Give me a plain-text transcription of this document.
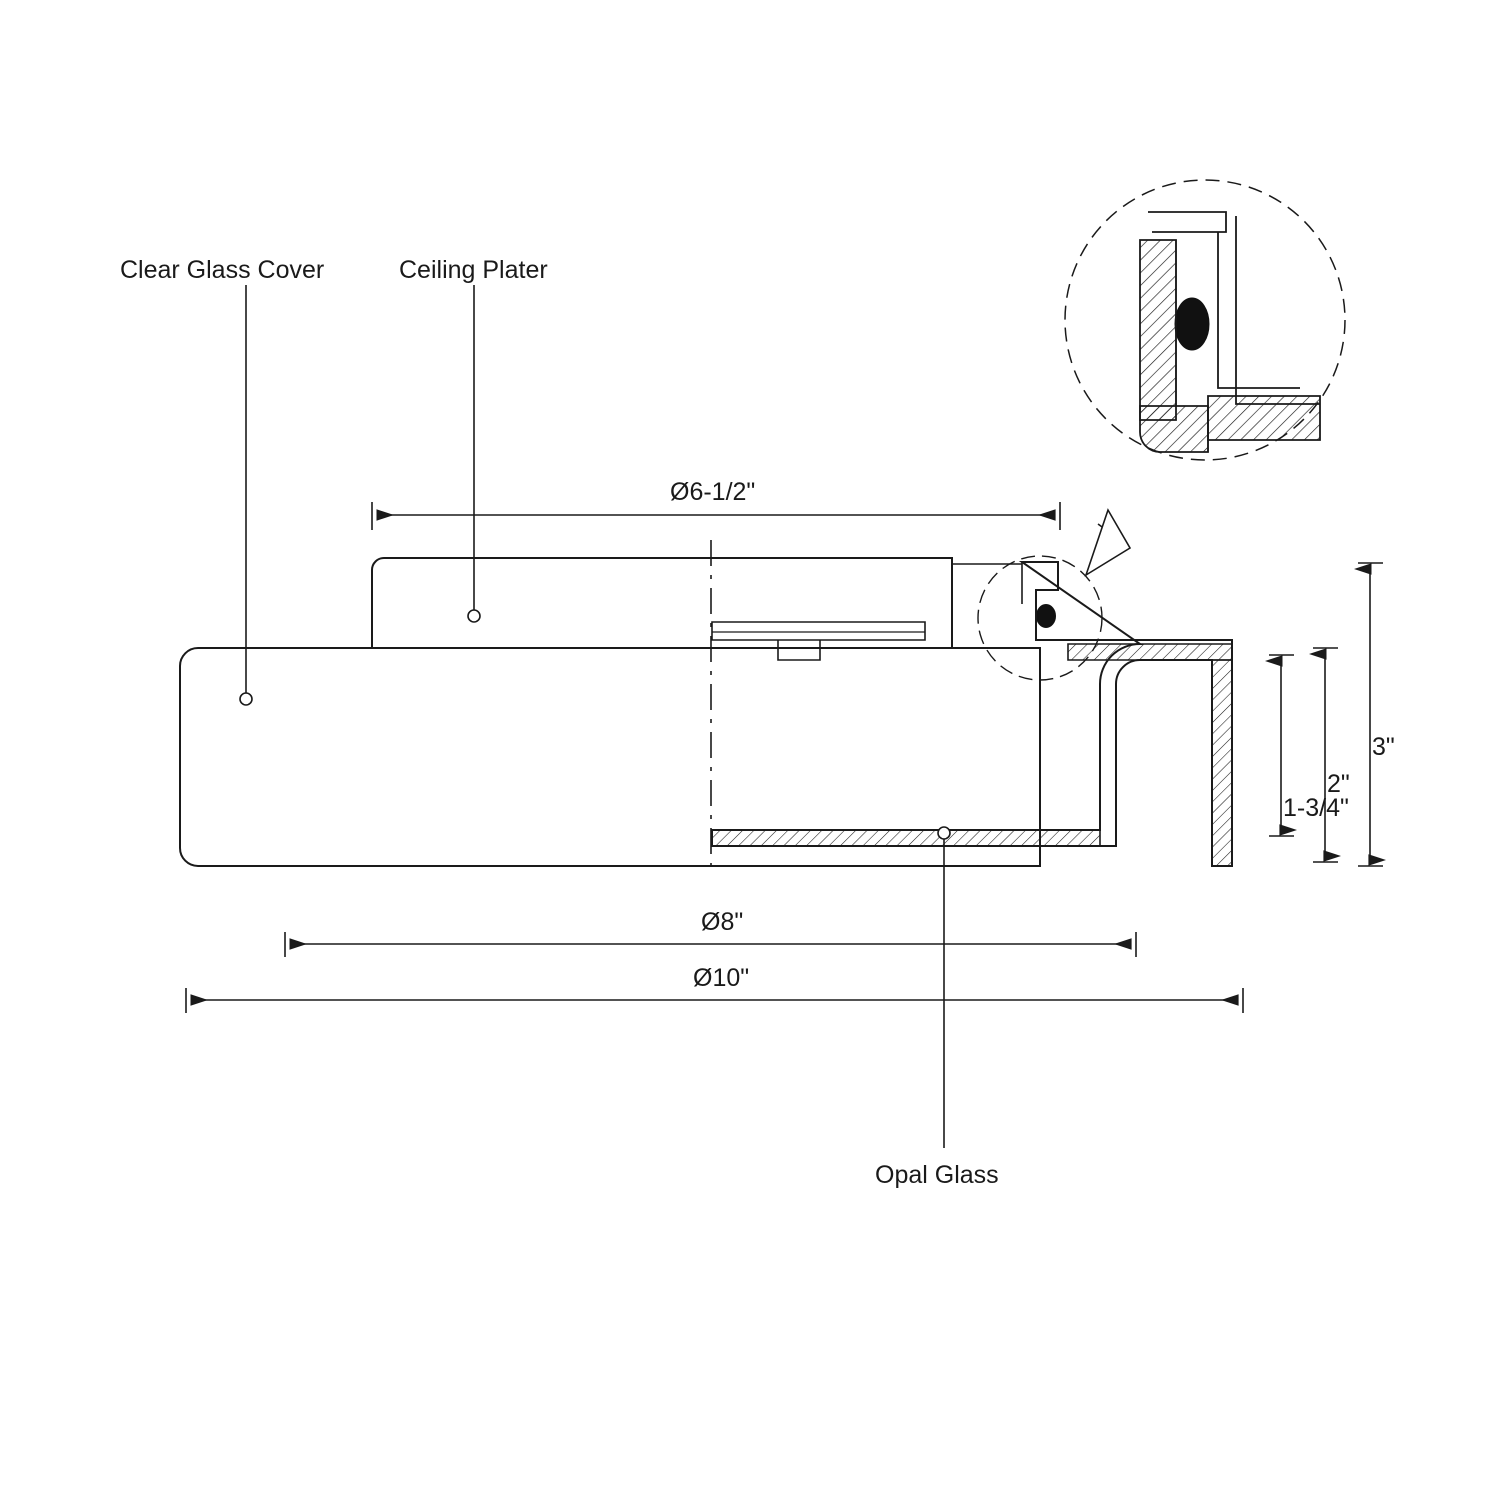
Clear Glass Cover	Ceiling Plater
Opal Glass
Ø6-1/2"
Ø8"
Ø10"
1-3/4"
2"
3"
